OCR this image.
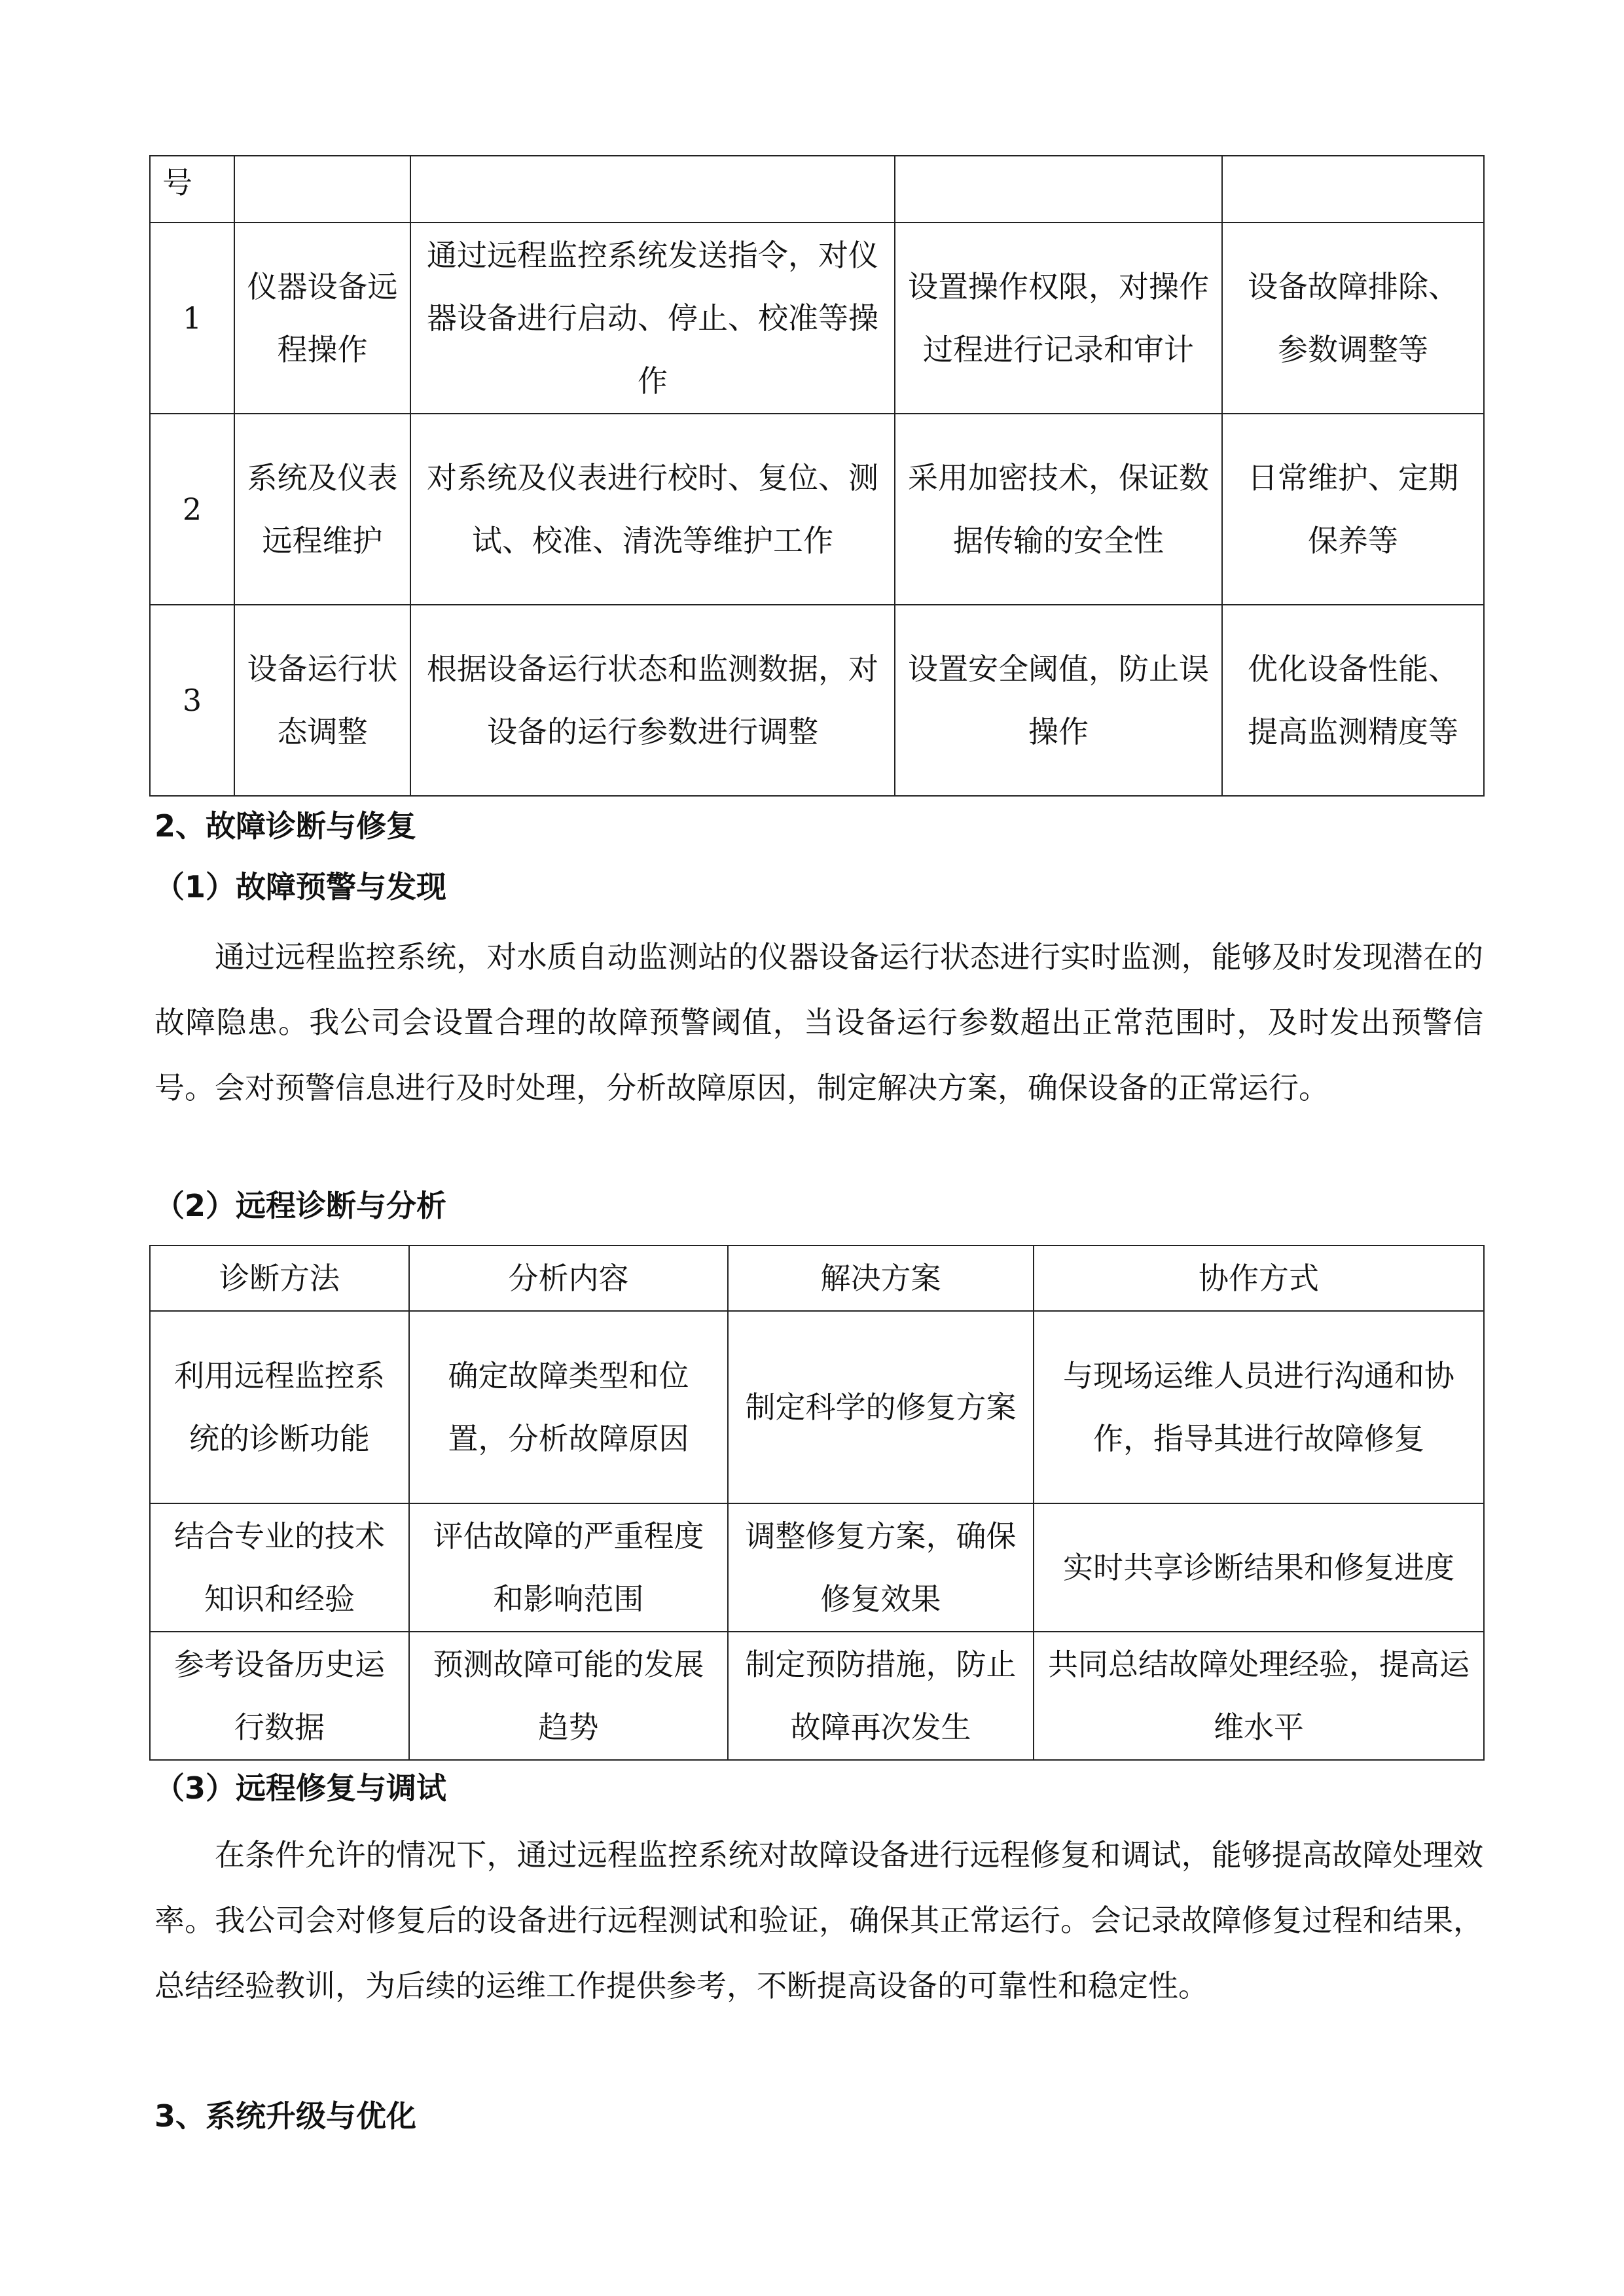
号				
1	仪器设备远程操作	通过远程监控系统发送指令，对仪器设备进行启动、停止、校准等操作	设置操作权限，对操作过程进行记录和审计	设备故障排除、参数调整等
2	系统及仪表远程维护	对系统及仪表进行校时、复位、测试、校准、清洗等维护工作	采用加密技术，保证数据传输的安全性	日常维护、定期保养等
3	设备运行状态调整	根据设备运行状态和监测数据，对设备的运行参数进行调整	设置安全阈值，防止误操作	优化设备性能、提高监测精度等
2、故障诊断与修复
（1）故障预警与发现
通过远程监控系统，对水质自动监测站的仪器设备运行状态进行实时监测，能够及时发现潜在的故障隐患。我公司会设置合理的故障预警阈值，当设备运行参数超出正常范围时，及时发出预警信号。会对预警信息进行及时处理，分析故障原因，制定解决方案，确保设备的正常运行。
（2）远程诊断与分析
诊断方法	分析内容	解决方案	协作方式
利用远程监控系统的诊断功能	确定故障类型和位置，分析故障原因	制定科学的修复方案	与现场运维人员进行沟通和协作，指导其进行故障修复
结合专业的技术知识和经验	评估故障的严重程度和影响范围	调整修复方案，确保修复效果	实时共享诊断结果和修复进度
参考设备历史运行数据	预测故障可能的发展趋势	制定预防措施，防止故障再次发生	共同总结故障处理经验，提高运维水平
（3）远程修复与调试
在条件允许的情况下，通过远程监控系统对故障设备进行远程修复和调试，能够提高故障处理效率。我公司会对修复后的设备进行远程测试和验证，确保其正常运行。会记录故障修复过程和结果，总结经验教训，为后续的运维工作提供参考，不断提高设备的可靠性和稳定性。
3、系统升级与优化
